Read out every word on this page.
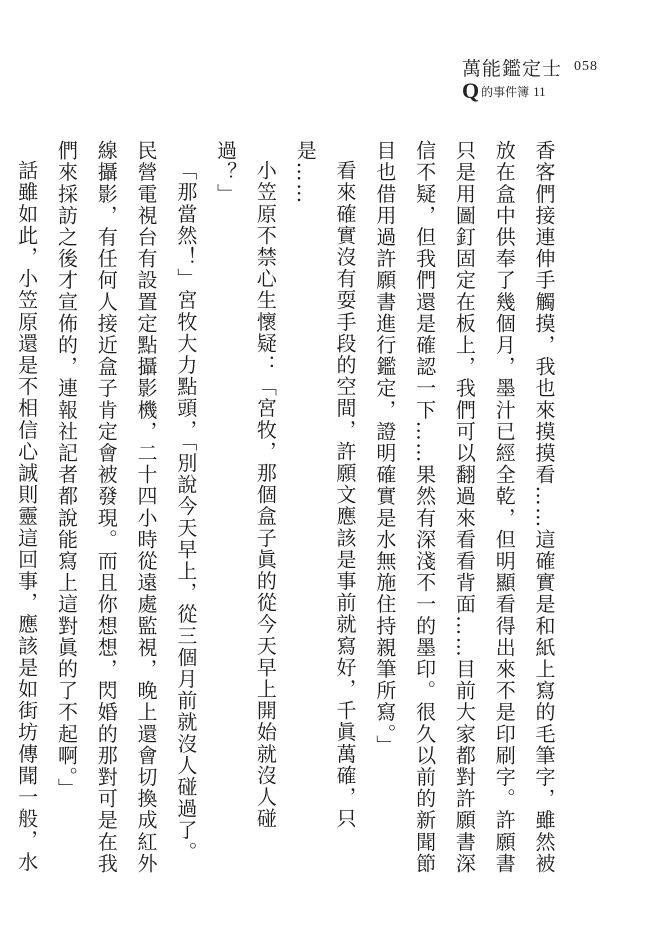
萬能鑑定士 058
Q的事件簿 11

香客們接連伸手觸摸，我也來摸摸看……這確實是和紙上寫的毛筆字，雖然被放在盒中供奉了幾個月，墨汁已經全乾，但明顯看得出來不是印刷字。許願書只是用圖釘固定在板上，我們可以翻過來看看背面……目前大家都對許願書深信不疑，但我們還是確認一下……果然有深淺不一的墨印。很久以前的新聞節目也借用過許願書進行鑑定，證明確實是水無施住持親筆所寫。」

看來確實沒有耍手段的空間，許願文應該是事前就寫好，千眞萬確，只是……

小笠原不禁心生懷疑：「宮牧，那個盒子眞的從今天早上開始就沒人碰過？」

「那當然！」宮牧大力點頭，「別說今天早上，從三個月前就沒人碰過了。民營電視台有設置定點攝影機，二十四小時從遠處監視，晚上還會切換成紅外線攝影，有任何人接近盒子肯定會被發現。而且你想想，閃婚的那對可是在我們來採訪之後才宣佈的，連報社記者都說能寫上這對眞的了不起啊。」

話雖如此，小笠原還是不相信心誠則靈這回事，應該是如街坊傳聞一般，水
